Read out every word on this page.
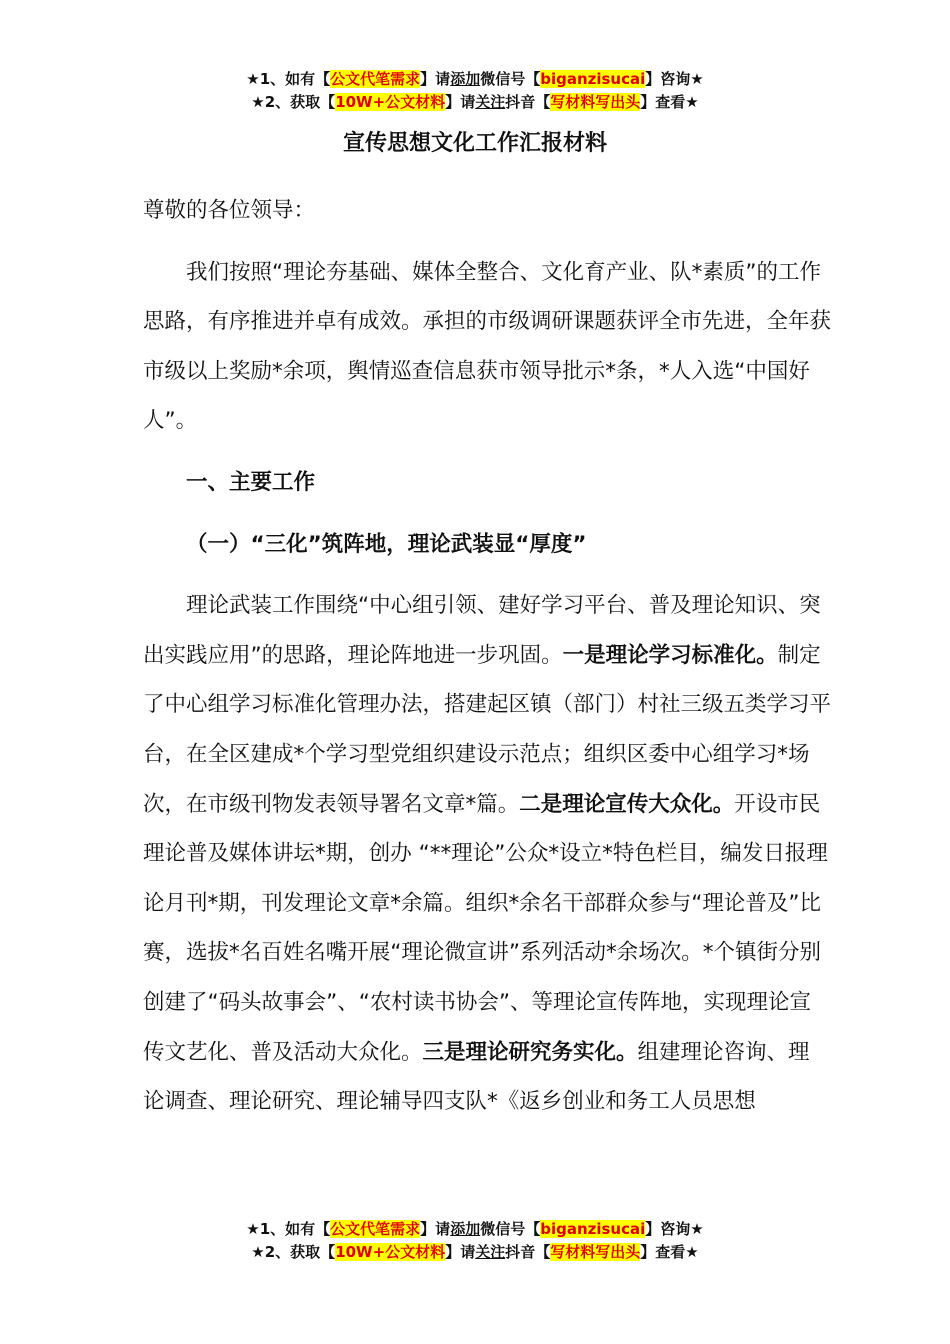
★1、如有【公文代笔需求】请添加微信号【biganzisucai】咨询★
★2、获取【10W+公文材料】请关注抖音【写材料写出头】查看★
宣传思想文化工作汇报材料

尊敬的各位领导：

我们按照“理论夯基础、媒体全整合、文化育产业、队*素质”的工作思路，有序推进并卓有成效。承担的市级调研课题获评全市先进，全年获市级以上奖励*余项，舆情巡查信息获市领导批示*条，*人入选“中国好人”。

一、主要工作

（一）“三化”筑阵地，理论武装显“厚度”

理论武装工作围绕“中心组引领、建好学习平台、普及理论知识、突出实践应用”的思路，理论阵地进一步巩固。一是理论学习标准化。制定了中心组学习标准化管理办法，搭建起区镇（部门）村社三级五类学习平台，在全区建成*个学习型党组织建设示范点；组织区委中心组学习*场次，在市级刊物发表领导署名文章*篇。二是理论宣传大众化。开设市民理论普及媒体讲坛*期，创办 “**理论”公众*设立*特色栏目，编发日报理论月刊*期，刊发理论文章*余篇。组织*余名干部群众参与“理论普及”比赛，选拔*名百姓名嘴开展“理论微宣讲”系列活动*余场次。*个镇街分别创建了“码头故事会”、“农村读书协会”、等理论宣传阵地，实现理论宣传文艺化、普及活动大众化。三是理论研究务实化。组建理论咨询、理论调查、理论研究、理论辅导四支队*《返乡创业和务工人员思想

★1、如有【公文代笔需求】请添加微信号【biganzisucai】咨询★
★2、获取【10W+公文材料】请关注抖音【写材料写出头】查看★
